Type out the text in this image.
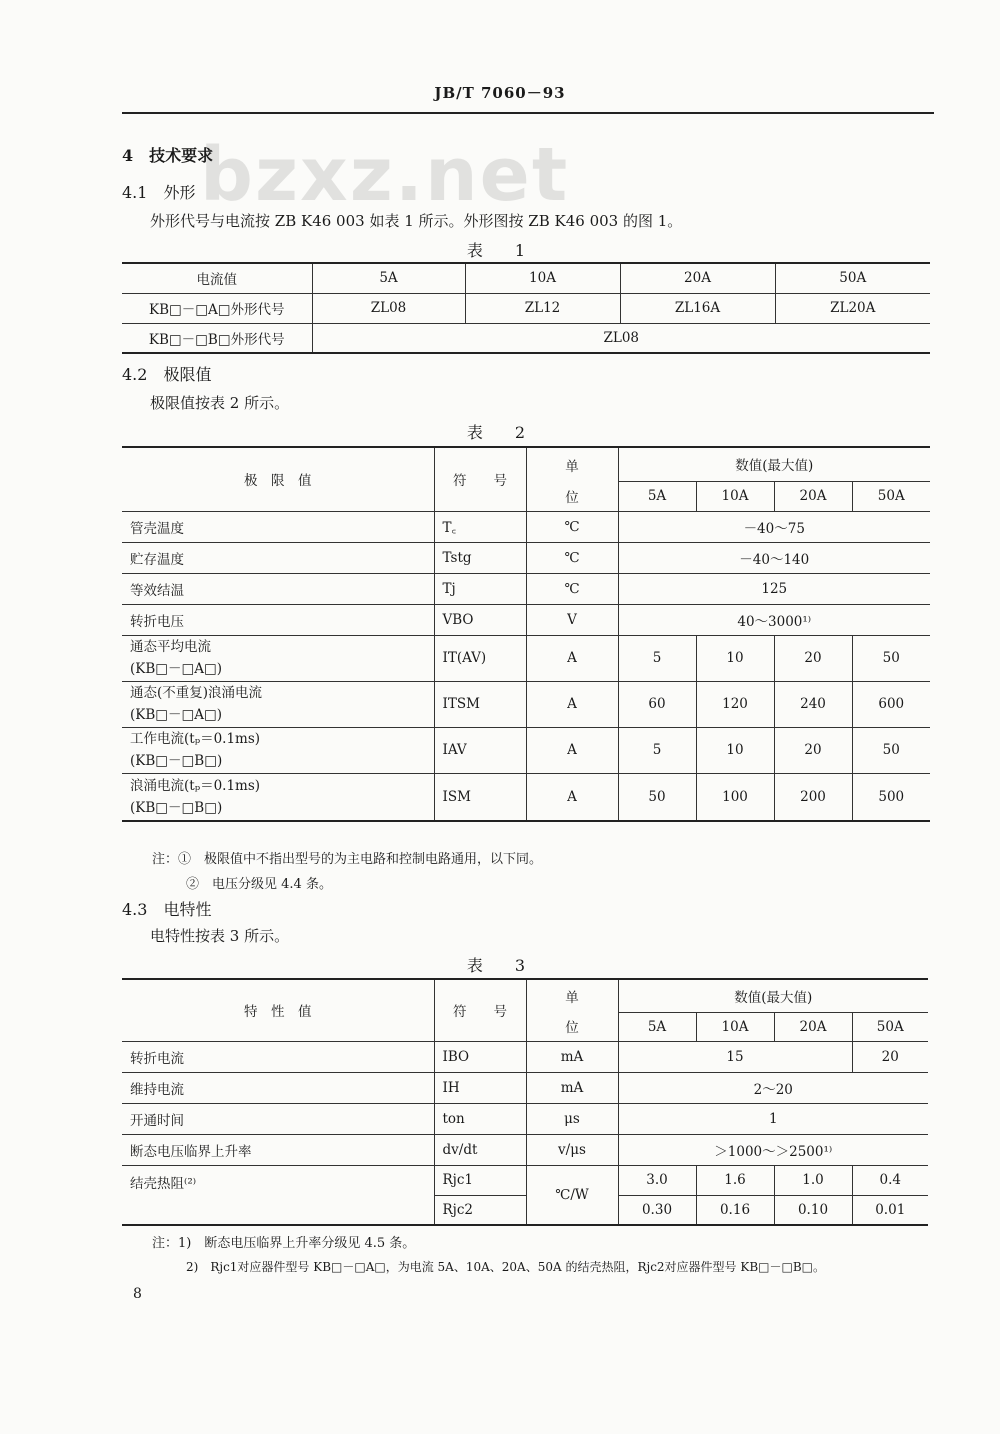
JB/T 7060－93
bzxz.net
4　技术要求
4.1　外形
外形代号与电流按 ZB K46 003 如表 1 所示。外形图按 ZB K46 003 的图 1。
表　1
电流值	5A	10A	20A	50A
KB□－□A□外形代号	ZL08	ZL12	ZL16A	ZL20A
KB□－□B□外形代号	ZL08			
4.2　极限值
极限值按表 2 所示。
表　2
极　限　值	符　　号	单	数值(最大值)			
		位	5A	10A	20A	50A
管壳温度	T꜀	℃	－40～75			
贮存温度	Tstg	℃	－40～140			
等效结温	Tj	℃	125			
转折电压	VBO	V	40～3000¹⁾			

通态平均电流
(KB□－□A□)	IT(AV)	A	5	10	20	50

通态(不重复)浪涌电流
(KB□－□A□)	ITSM	A	60	120	240	600

工作电流(tₚ＝0.1ms)
(KB□－□B□)	IAV	A	5	10	20	50

浪涌电流(tₚ＝0.1ms)
(KB□－□B□)	ISM	A	50	100	200	500
注：①　极限值中不指出型号的为主电路和控制电路通用，以下同。
②　电压分级见 4.4 条。
4.3　电特性
电特性按表 3 所示。
表　3
特　性　值	符　　号	单	数值(最大值)			
		位	5A	10A	20A	50A
转折电流	IBO	mA	15			20
维持电流	IH	mA	2～20			
开通时间	ton	μs	1			
断态电压临界上升率	dv/dt	v/μs	＞1000～＞2500¹⁾			
结壳热阻⁽²⁾	Rjc1	℃/W	3.0	1.6	1.0	0.4
	Rjc2		0.30	0.16	0.10	0.01
注：1)　断态电压临界上升率分级见 4.5 条。
2)　Rjc1对应器件型号 KB□－□A□，为电流 5A、10A、20A、50A 的结壳热阻，Rjc2对应器件型号 KB□－□B□。
8
